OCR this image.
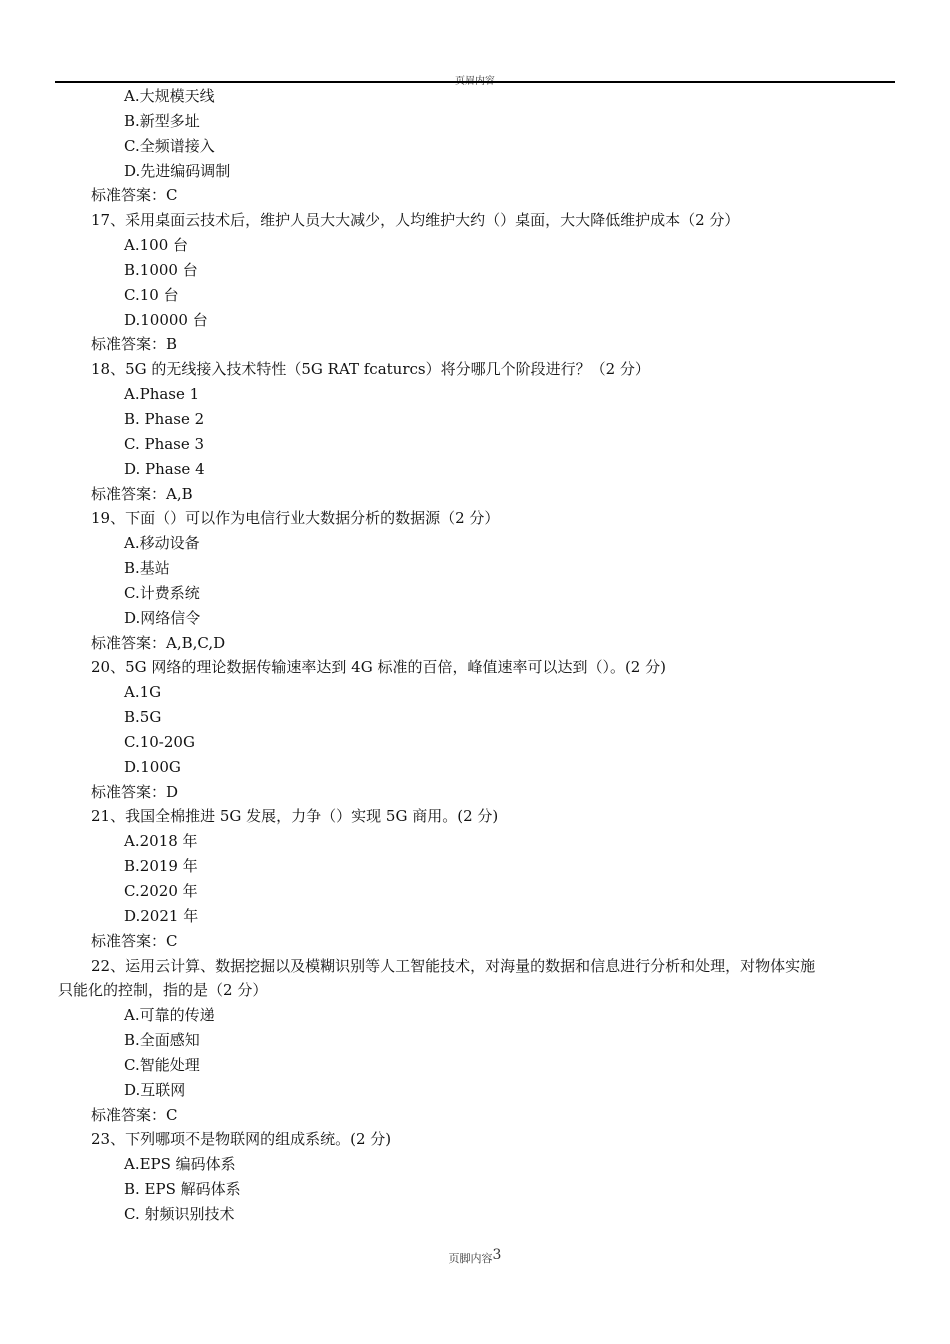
页眉内容
A.大规模天线
B.新型多址
C.全频谱接入
D.先进编码调制
标准答案：C
17、采用桌面云技术后，维护人员大大减少，人均维护大约（）桌面，大大降低维护成本（2 分）
A.100 台
B.1000 台
C.10 台
D.10000 台
标准答案：B
18、5G 的无线接入技术特性（5G RAT fcaturcs）将分哪几个阶段进行？（2 分）
A.Phase 1
B. Phase 2
C. Phase 3
D. Phase 4
标准答案：A,B
19、下面（）可以作为电信行业大数据分析的数据源（2 分）
A.移动设备
B.基站
C.计费系统
D.网络信令
标准答案：A,B,C,D
20、5G 网络的理论数据传输速率达到 4G 标准的百倍，峰值速率可以达到（）。(2 分)
A.1G
B.5G
C.10-20G
D.100G
标准答案：D
21、我国全棉推进 5G 发展，力争（）实现 5G 商用。(2 分)
A.2018 年
B.2019 年
C.2020 年
D.2021 年
标准答案：C
22、运用云计算、数据挖掘以及模糊识别等人工智能技术，对海量的数据和信息进行分析和处理，对物体实施
只能化的控制，指的是（2 分）
A.可靠的传递
B.全面感知
C.智能处理
D.互联网
标准答案：C
23、下列哪项不是物联网的组成系统。(2 分)
A.EPS 编码体系
B. EPS 解码体系
C. 射频识别技术
页脚内容3
